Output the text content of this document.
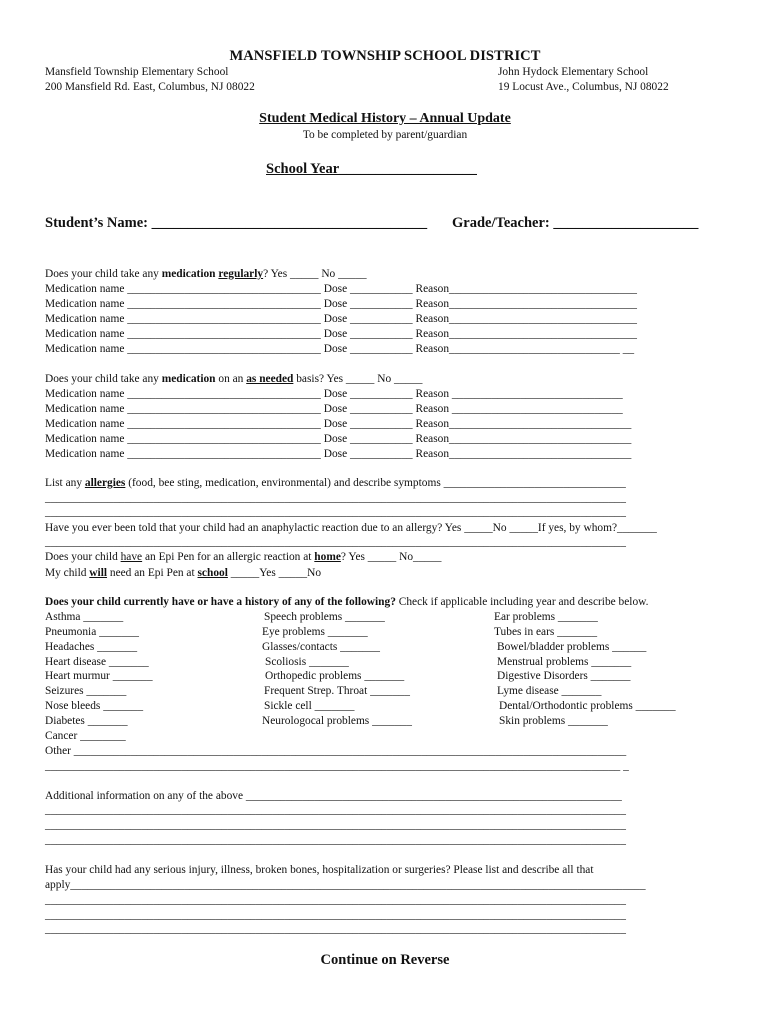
MANSFIELD TOWNSHIP SCHOOL DISTRICT
Mansfield Township Elementary School
200 Mansfield Rd. East, Columbus, NJ 08022
John Hydock Elementary School
19 Locust Ave., Columbus, NJ 08022
Student Medical History – Annual Update
To be completed by parent/guardian
School Year___________________
Student’s Name: ______________________________________ Grade/Teacher: ____________________
Does your child take any medication regularly? Yes _____ No _____
Medication name __________________________________ Dose ___________ Reason_________________________________
Medication name __________________________________ Dose ___________ Reason_________________________________
Medication name __________________________________ Dose ___________ Reason_________________________________
Medication name __________________________________ Dose ___________ Reason_________________________________
Medication name __________________________________ Dose ___________ Reason______________________________ __
Does your child take any medication on an as needed basis? Yes _____ No _____
Medication name __________________________________ Dose ___________ Reason ______________________________
Medication name __________________________________ Dose ___________ Reason ______________________________
Medication name __________________________________ Dose ___________ Reason________________________________
Medication name __________________________________ Dose ___________ Reason________________________________
Medication name __________________________________ Dose ___________ Reason________________________________
List any allergies (food, bee sting, medication, environmental) and describe symptoms ________________________________
______________________________________________________________________________________________________
______________________________________________________________________________________________________
Have you ever been told that your child had an anaphylactic reaction due to an allergy? Yes _____No _____If yes, by whom?_______
______________________________________________________________________________________________________
Does your child have an Epi Pen for an allergic reaction at home? Yes _____ No_____
My child will need an Epi Pen at school _____Yes _____No
Does your child currently have or have a history of any of the following? Check if applicable including year and describe below.
Asthma _______
Pneumonia _______
Headaches _______
Heart disease _______
Heart murmur _______
Seizures _______
Nose bleeds _______
Diabetes _______
Cancer ________
Speech problems _______
Eye problems _______
Glasses/contacts _______
Scoliosis _______
Orthopedic problems _______
Frequent Strep. Throat _______
Sickle cell _______
Neurologocal problems _______
Ear problems _______
Tubes in ears _______
Bowel/bladder problems ______
Menstrual problems _______
Digestive Disorders _______
Lyme disease _______
Dental/Orthodontic problems _______
Skin problems _______
Other _________________________________________________________________________________________________
_____________________________________________________________________________________________________ _
Additional information on any of the above __________________________________________________________________
______________________________________________________________________________________________________
______________________________________________________________________________________________________
______________________________________________________________________________________________________
Has your child had any serious injury, illness, broken bones, hospitalization or surgeries? Please list and describe all that
apply_____________________________________________________________________________________________________
______________________________________________________________________________________________________
______________________________________________________________________________________________________
______________________________________________________________________________________________________
Continue on Reverse
